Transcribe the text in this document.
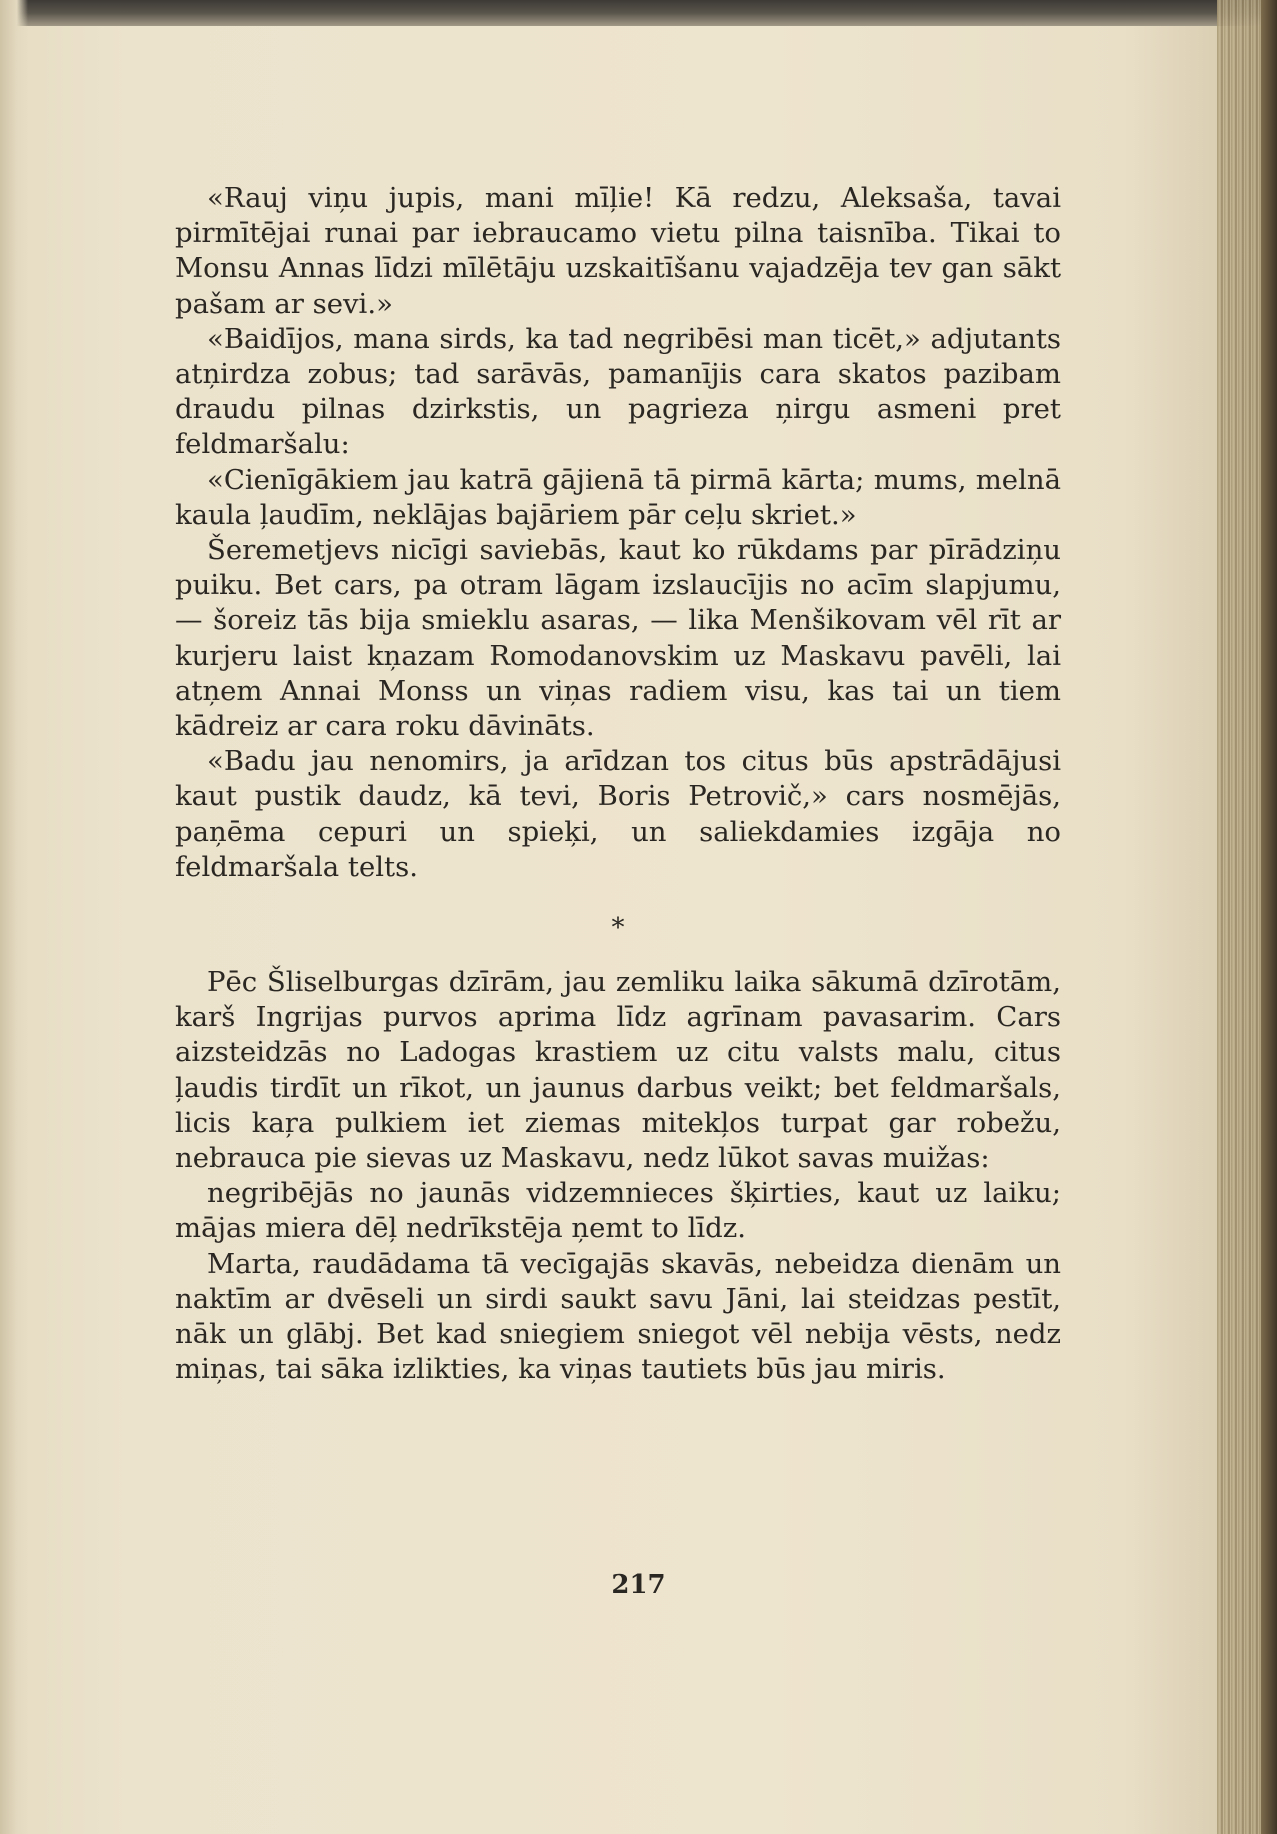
«Rauj viņu jupis, mani mīļie! Kā redzu, Aleksaša, tavai pirmītējai runai par iebraucamo vietu pilna taisnība. Tikai to Monsu Annas līdzi mīlētāju uzskaitīšanu vajadzēja tev gan sākt pašam ar sevi.»

«Baidījos, mana sirds, ka tad negribēsi man ticēt,» adjutants atņirdza zobus; tad sarāvās, pamanījis cara skatos pazibam draudu pilnas dzirkstis, un pagrieza ņirgu asmeni pret feldmaršalu:

«Cienīgākiem jau katrā gājienā tā pirmā kārta; mums, melnā kaula ļaudīm, neklājas bajāriem pār ceļu skriet.»

Šeremetjevs nicīgi saviebās, kaut ko rūkdams par pīrādziņu puiku. Bet cars, pa otram lāgam izslaucījis no acīm slapjumu, — šoreiz tās bija smieklu asaras, — lika Menšikovam vēl rīt ar kurjeru laist kņazam Romodanovskim uz Maskavu pavēli, lai atņem Annai Monss un viņas radiem visu, kas tai un tiem kādreiz ar cara roku dāvināts.

«Badu jau nenomirs, ja arīdzan tos citus būs apstrādājusi kaut pustik daudz, kā tevi, Boris Petrovič,» cars nosmējās, paņēma cepuri un spieķi, un saliekdamies izgāja no feldmaršala telts.

*

Pēc Šliselburgas dzīrām, jau zemliku laika sākumā dzīrotām, karš Ingrijas purvos aprima līdz agrīnam pavasarim. Cars aizsteidzās no Ladogas krastiem uz citu valsts malu, citus ļaudis tirdīt un rīkot, un jaunus darbus veikt; bet feldmaršals, licis kaŗa pulkiem iet ziemas mitekļos turpat gar robežu, nebrauca pie sievas uz Maskavu, nedz lūkot savas muižas:

negribējās no jaunās vidzemnieces šķirties, kaut uz laiku; mājas miera dēļ nedrīkstēja ņemt to līdz.

Marta, raudādama tā vecīgajās skavās, nebeidza dienām un naktīm ar dvēseli un sirdi saukt savu Jāni, lai steidzas pestīt, nāk un glābj. Bet kad sniegiem sniegot vēl nebija vēsts, nedz miņas, tai sāka izlikties, ka viņas tautiets būs jau miris.

217
